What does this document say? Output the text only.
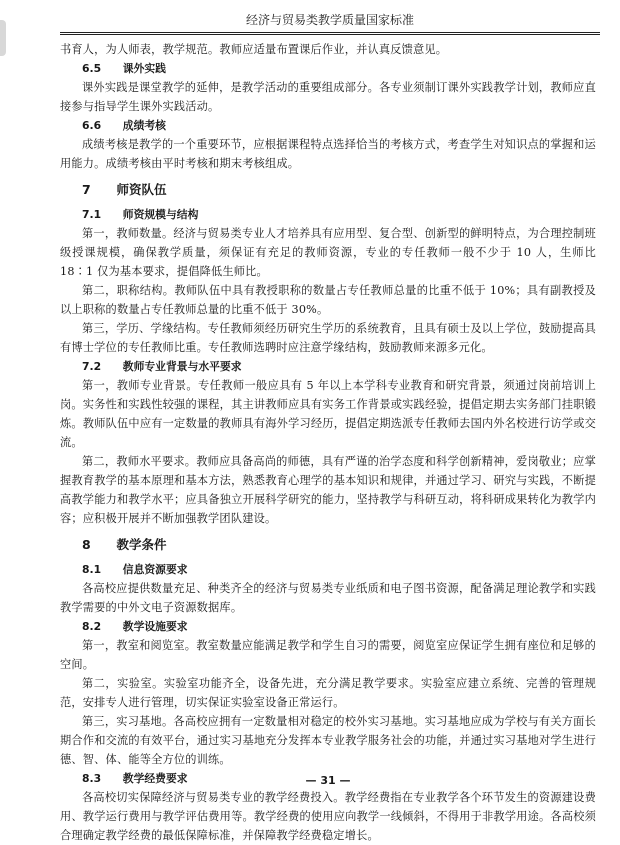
经济与贸易类教学质量国家标准

书育人，为人师表，教学规范。教师应适量布置课后作业，并认真反馈意见。

6.5  课外实践

课外实践是课堂教学的延伸，是教学活动的重要组成部分。各专业须制订课外实践教学计划，教师应直接参与指导学生课外实践活动。

6.6  成绩考核

成绩考核是教学的一个重要环节，应根据课程特点选择恰当的考核方式，考查学生对知识点的掌握和运用能力。成绩考核由平时考核和期末考核组成。

7  师资队伍
7.1  师资规模与结构

第一，教师数量。经济与贸易类专业人才培养具有应用型、复合型、创新型的鲜明特点，为合理控制班级授课规模，确保教学质量，须保证有充足的教师资源，专业的专任教师一般不少于 10 人，生师比 18∶1 仅为基本要求，提倡降低生师比。

第二，职称结构。教师队伍中具有教授职称的数量占专任教师总量的比重不低于 10%；具有副教授及以上职称的数量占专任教师总量的比重不低于 30%。

第三，学历、学缘结构。专任教师须经历研究生学历的系统教育，且具有硕士及以上学位，鼓励提高具有博士学位的专任教师比重。专任教师选聘时应注意学缘结构，鼓励教师来源多元化。

7.2  教师专业背景与水平要求

第一，教师专业背景。专任教师一般应具有 5 年以上本学科专业教育和研究背景，须通过岗前培训上岗。实务性和实践性较强的课程，其主讲教师应具有实务工作背景或实践经验，提倡定期去实务部门挂职锻炼。教师队伍中应有一定数量的教师具有海外学习经历，提倡定期选派专任教师去国内外名校进行访学或交流。

第二，教师水平要求。教师应具备高尚的师德，具有严谨的治学态度和科学创新精神，爱岗敬业；应掌握教育教学的基本原理和基本方法，熟悉教育心理学的基本知识和规律，并通过学习、研究与实践，不断提高教学能力和教学水平；应具备独立开展科学研究的能力，坚持教学与科研互动，将科研成果转化为教学内容；应积极开展并不断加强教学团队建设。

8  教学条件
8.1  信息资源要求

各高校应提供数量充足、种类齐全的经济与贸易类专业纸质和电子图书资源，配备满足理论教学和实践教学需要的中外文电子资源数据库。

8.2  教学设施要求

第一，教室和阅览室。教室数量应能满足教学和学生自习的需要，阅览室应保证学生拥有座位和足够的空间。

第二，实验室。实验室功能齐全，设备先进，充分满足教学要求。实验室应建立系统、完善的管理规范，安排专人进行管理，切实保证实验室设备正常运行。

第三，实习基地。各高校应拥有一定数量相对稳定的校外实习基地。实习基地应成为学校与有关方面长期合作和交流的有效平台，通过实习基地充分发挥本专业教学服务社会的功能，并通过实习基地对学生进行德、智、体、能等全方位的训练。

8.3  教学经费要求

各高校切实保障经济与贸易类专业的教学经费投入。教学经费指在专业教学各个环节发生的资源建设费用、教学运行费用与教学评估费用等。教学经费的使用应向教学一线倾斜，不得用于非教学用途。各高校须合理确定教学经费的最低保障标准，并保障教学经费稳定增长。

— 31 —
